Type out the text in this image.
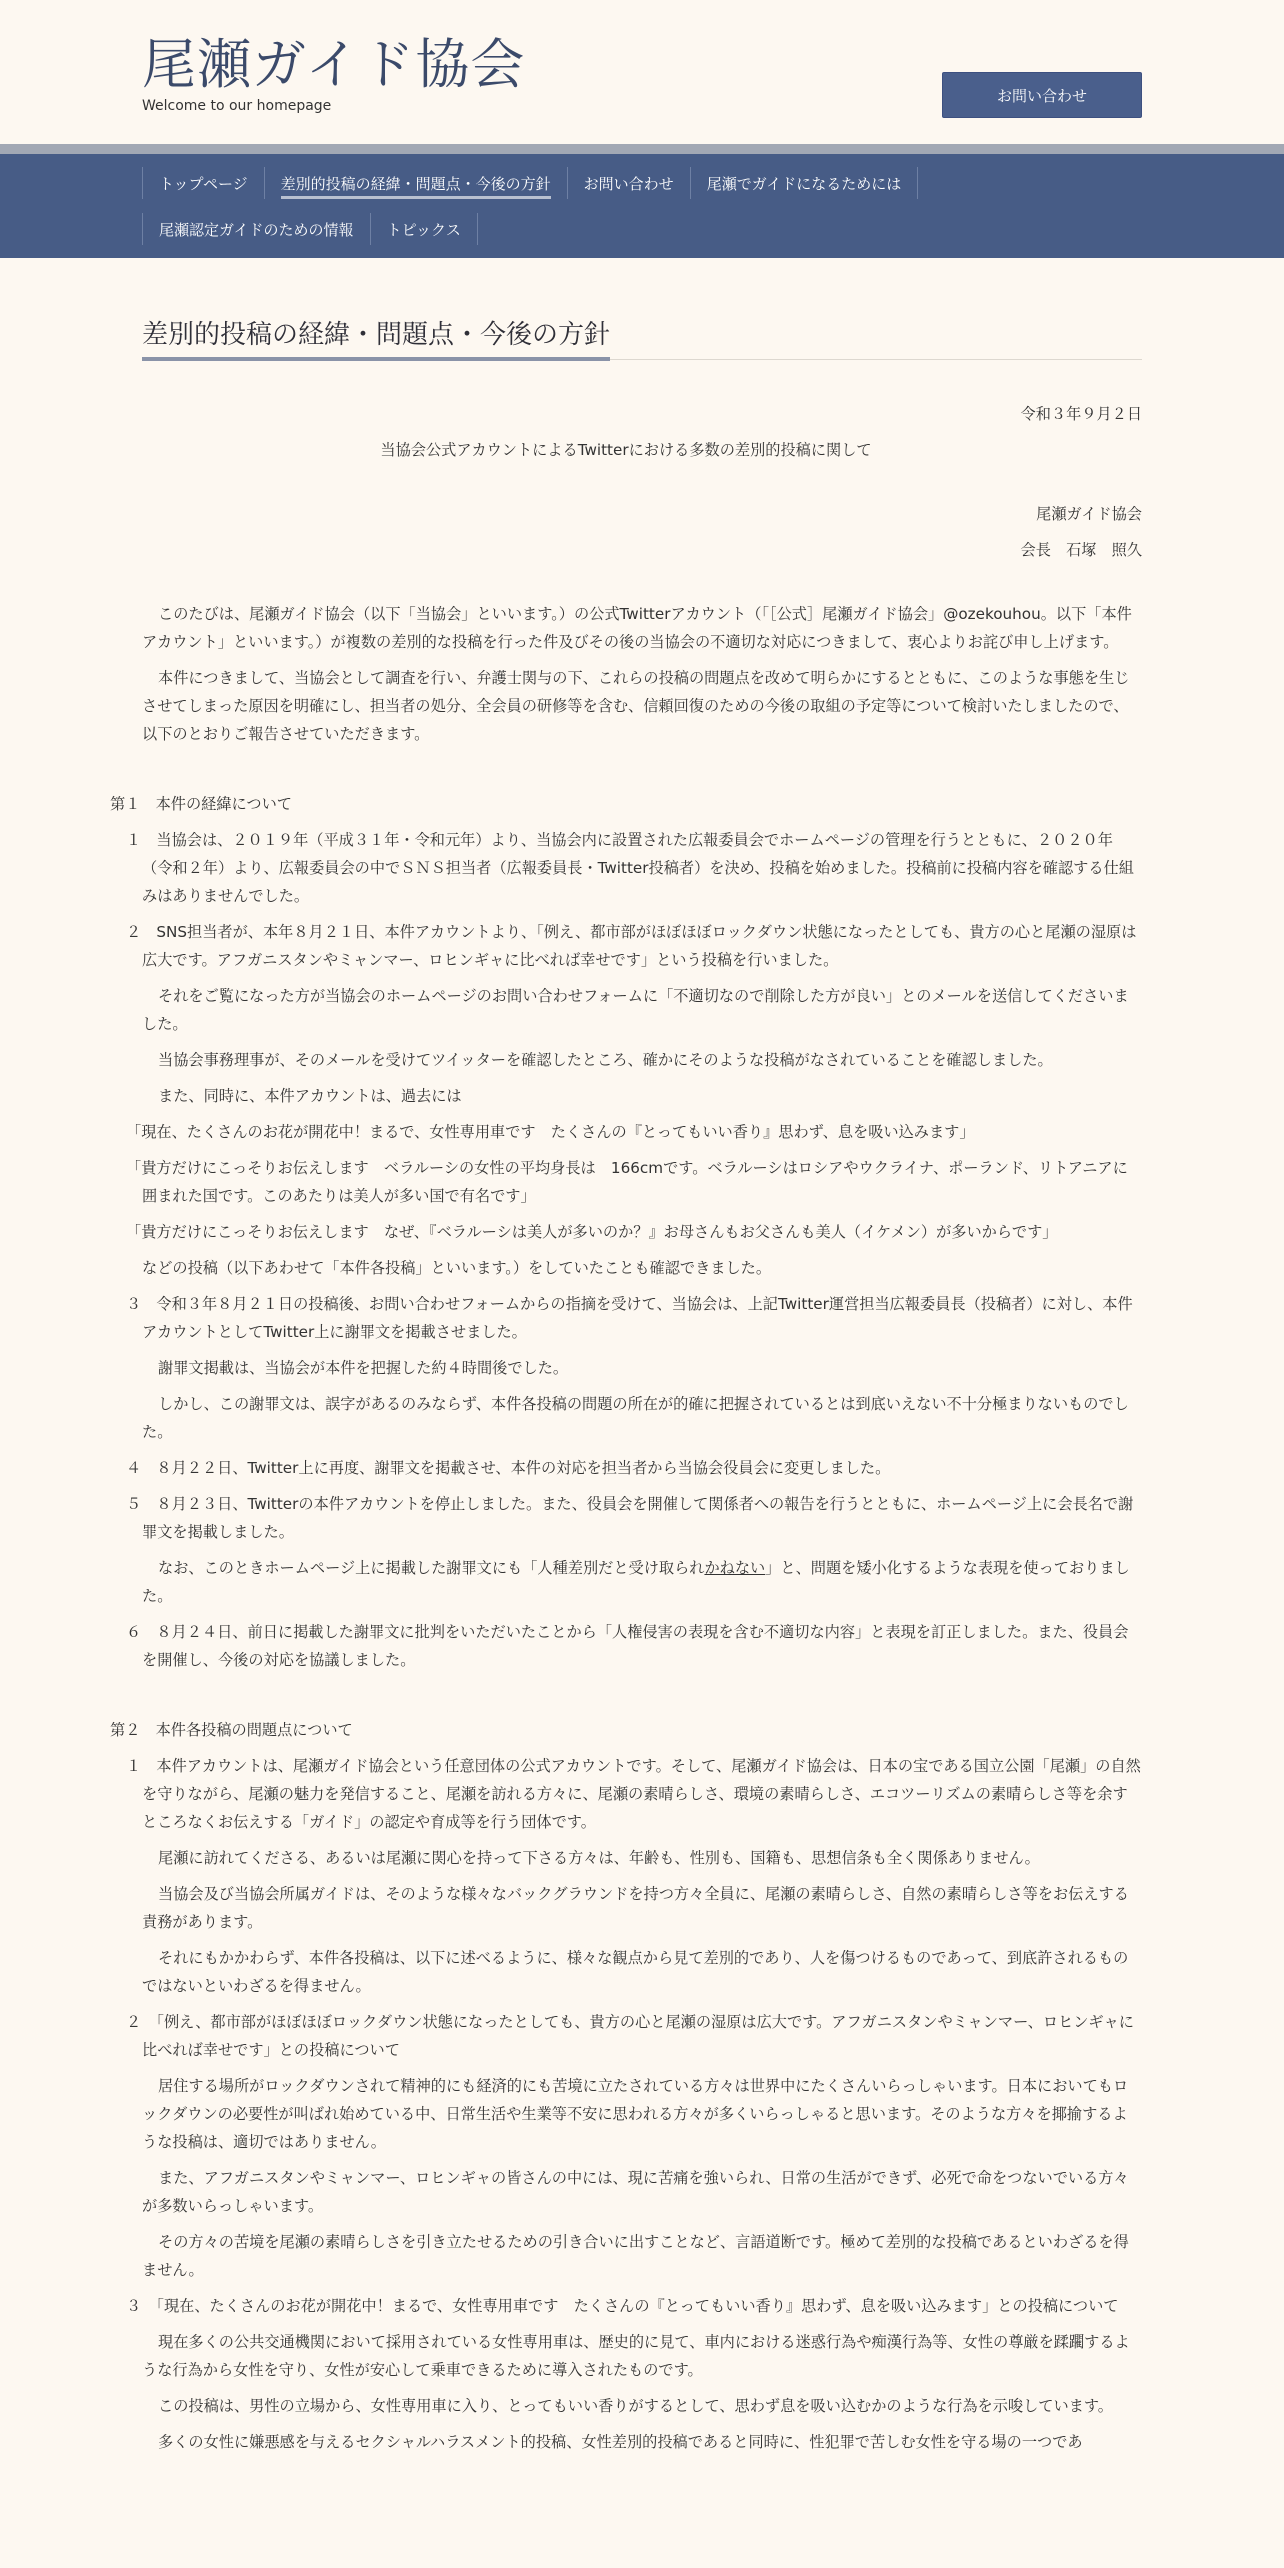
尾瀬ガイド協会
Welcome to our homepage
お問い合わせ
トップページ	差別的投稿の経緯・問題点・今後の方針	お問い合わせ	尾瀬でガイドになるためには
尾瀬認定ガイドのための情報	トピックス
差別的投稿の経緯・問題点・今後の方針

令和３年９月２日

当協会公式アカウントによるTwitterにおける多数の差別的投稿に関して

尾瀬ガイド協会

会長　石塚　照久

このたびは、尾瀬ガイド協会（以下「当協会」といいます。）の公式Twitterアカウント（「［公式］尾瀬ガイド協会」@ozekouhou。以下「本件アカウント」といいます。）が複数の差別的な投稿を行った件及びその後の当協会の不適切な対応につきまして、衷心よりお詫び申し上げます。

本件につきまして、当協会として調査を行い、弁護士関与の下、これらの投稿の問題点を改めて明らかにするとともに、このような事態を生じさせてしまった原因を明確にし、担当者の処分、全会員の研修等を含む、信頼回復のための今後の取組の予定等について検討いたしましたので、以下のとおりご報告させていただきます。

第１　本件の経緯について

１　当協会は、２０１９年（平成３１年・令和元年）より、当協会内に設置された広報委員会でホームページの管理を行うとともに、２０２０年（令和２年）より、広報委員会の中でＳＮＳ担当者（広報委員長・Twitter投稿者）を決め、投稿を始めました。投稿前に投稿内容を確認する仕組みはありませんでした。

２　SNS担当者が、本年８月２１日、本件アカウントより、「例え、都市部がほぼほぼロックダウン状態になったとしても、貴方の心と尾瀬の湿原は広大です。アフガニスタンやミャンマー、ロヒンギャに比べれば幸せです」という投稿を行いました。

それをご覧になった方が当協会のホームページのお問い合わせフォームに「不適切なので削除した方が良い」とのメールを送信してくださいました。

当協会事務理事が、そのメールを受けてツイッターを確認したところ、確かにそのような投稿がなされていることを確認しました。

また、同時に、本件アカウントは、過去には

「現在、たくさんのお花が開花中！まるで、女性専用車です　たくさんの『とってもいい香り』思わず、息を吸い込みます」

「貴方だけにこっそりお伝えします　ベラルーシの女性の平均身長は　166cmです。ベラルーシはロシアやウクライナ、ポーランド、リトアニアに囲まれた国です。このあたりは美人が多い国で有名です」

「貴方だけにこっそりお伝えします　なぜ、『ベラルーシは美人が多いのか？』お母さんもお父さんも美人（イケメン）が多いからです」

などの投稿（以下あわせて「本件各投稿」といいます。）をしていたことも確認できました。

３　令和３年８月２１日の投稿後、お問い合わせフォームからの指摘を受けて、当協会は、上記Twitter運営担当広報委員長（投稿者）に対し、本件アカウントとしてTwitter上に謝罪文を掲載させました。

謝罪文掲載は、当協会が本件を把握した約４時間後でした。

しかし、この謝罪文は、誤字があるのみならず、本件各投稿の問題の所在が的確に把握されているとは到底いえない不十分極まりないものでした。

４　８月２２日、Twitter上に再度、謝罪文を掲載させ、本件の対応を担当者から当協会役員会に変更しました。

５　８月２３日、Twitterの本件アカウントを停止しました。また、役員会を開催して関係者への報告を行うとともに、ホームページ上に会長名で謝罪文を掲載しました。

なお、このときホームページ上に掲載した謝罪文にも「人種差別だと受け取られかねない」と、問題を矮小化するような表現を使っておりました。

６　８月２４日、前日に掲載した謝罪文に批判をいただいたことから「人権侵害の表現を含む不適切な内容」と表現を訂正しました。また、役員会を開催し、今後の対応を協議しました。

第２　本件各投稿の問題点について

１　本件アカウントは、尾瀬ガイド協会という任意団体の公式アカウントです。そして、尾瀬ガイド協会は、日本の宝である国立公園「尾瀬」の自然を守りながら、尾瀬の魅力を発信すること、尾瀬を訪れる方々に、尾瀬の素晴らしさ、環境の素晴らしさ、エコツーリズムの素晴らしさ等を余すところなくお伝えする「ガイド」の認定や育成等を行う団体です。

尾瀬に訪れてくださる、あるいは尾瀬に関心を持って下さる方々は、年齢も、性別も、国籍も、思想信条も全く関係ありません。

当協会及び当協会所属ガイドは、そのような様々なバックグラウンドを持つ方々全員に、尾瀬の素晴らしさ、自然の素晴らしさ等をお伝えする責務があります。

それにもかかわらず、本件各投稿は、以下に述べるように、様々な観点から見て差別的であり、人を傷つけるものであって、到底許されるものではないといわざるを得ません。

２　「例え、都市部がほぼほぼロックダウン状態になったとしても、貴方の心と尾瀬の湿原は広大です。アフガニスタンやミャンマー、ロヒンギャに比べれば幸せです」との投稿について

居住する場所がロックダウンされて精神的にも経済的にも苦境に立たされている方々は世界中にたくさんいらっしゃいます。日本においてもロックダウンの必要性が叫ばれ始めている中、日常生活や生業等不安に思われる方々が多くいらっしゃると思います。そのような方々を揶揄するような投稿は、適切ではありません。

また、アフガニスタンやミャンマー、ロヒンギャの皆さんの中には、現に苦痛を強いられ、日常の生活ができず、必死で命をつないでいる方々が多数いらっしゃいます。

その方々の苦境を尾瀬の素晴らしさを引き立たせるための引き合いに出すことなど、言語道断です。極めて差別的な投稿であるといわざるを得ません。

３　「現在、たくさんのお花が開花中！まるで、女性専用車です　たくさんの『とってもいい香り』思わず、息を吸い込みます」との投稿について

現在多くの公共交通機関において採用されている女性専用車は、歴史的に見て、車内における迷惑行為や痴漢行為等、女性の尊厳を蹂躙するような行為から女性を守り、女性が安心して乗車できるために導入されたものです。

この投稿は、男性の立場から、女性専用車に入り、とってもいい香りがするとして、思わず息を吸い込むかのような行為を示唆しています。

多くの女性に嫌悪感を与えるセクシャルハラスメント的投稿、女性差別的投稿であると同時に、性犯罪で苦しむ女性を守る場の一つであ
